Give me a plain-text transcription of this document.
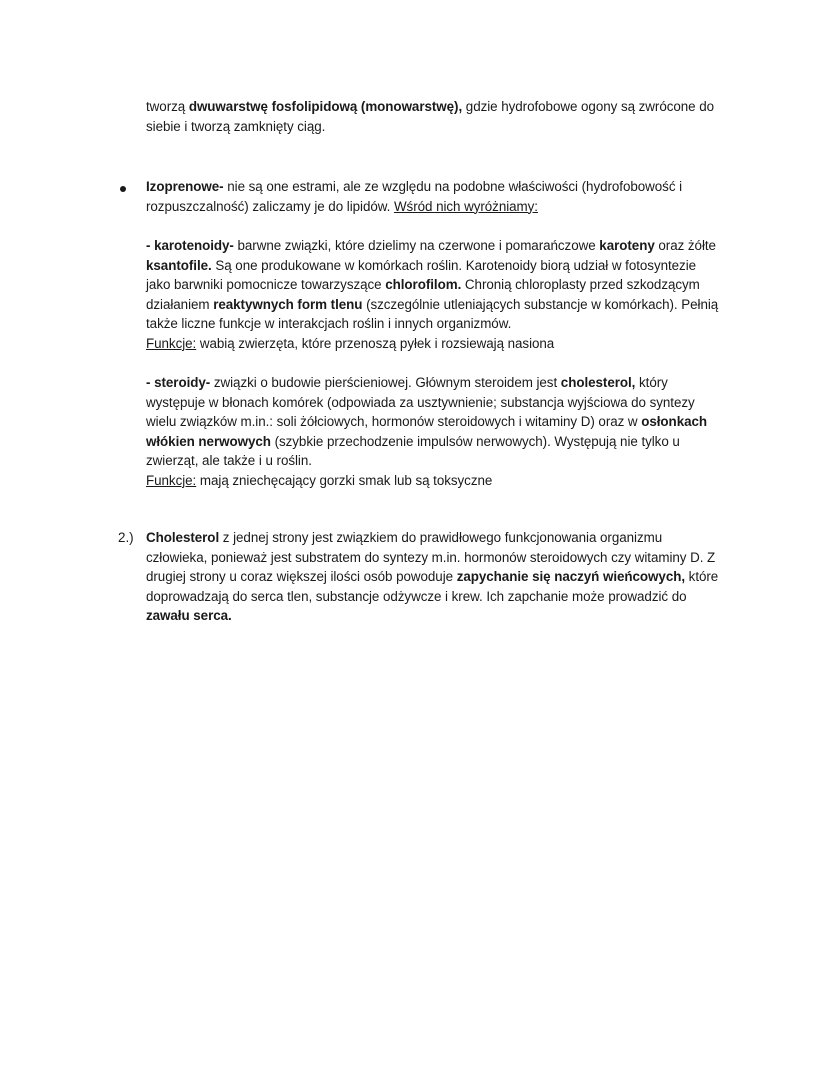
tworzą dwuwarstwę fosfolipidową (monowarstwę), gdzie hydrofobowe ogony są zwrócone do
siebie i tworzą zamknięty ciąg.
Izoprenowe- nie są one estrami, ale ze względu na podobne właściwości (hydrofobowość i
rozpuszczalność) zaliczamy je do lipidów. Wśród nich wyróżniamy:
- karotenoidy- barwne związki, które dzielimy na czerwone i pomarańczowe karoteny oraz żółte
ksantofile. Są one produkowane w komórkach roślin. Karotenoidy biorą udział w fotosyntezie
jako barwniki pomocnicze towarzyszące chlorofilom. Chronią chloroplasty przed szkodzącym
działaniem reaktywnych form tlenu (szczególnie utleniających substancje w komórkach). Pełnią
także liczne funkcje w interakcjach roślin i innych organizmów.
Funkcje: wabią zwierzęta, które przenoszą pyłek i rozsiewają nasiona
- steroidy- związki o budowie pierścieniowej. Głównym steroidem jest cholesterol, który
występuje w błonach komórek (odpowiada za usztywnienie; substancja wyjściowa do syntezy
wielu związków m.in.: soli żółciowych, hormonów steroidowych i witaminy D) oraz w osłonkach
włókien nerwowych (szybkie przechodzenie impulsów nerwowych). Występują nie tylko u
zwierząt, ale także i u roślin.
Funkcje: mają zniechęcający gorzki smak lub są toksyczne
2.) Cholesterol z jednej strony jest związkiem do prawidłowego funkcjonowania organizmu
człowieka, ponieważ jest substratem do syntezy m.in. hormonów steroidowych czy witaminy D. Z
drugiej strony u coraz większej ilości osób powoduje zapychanie się naczyń wieńcowych, które
doprowadzają do serca tlen, substancje odżywcze i krew. Ich zapchanie może prowadzić do
zawału serca.
